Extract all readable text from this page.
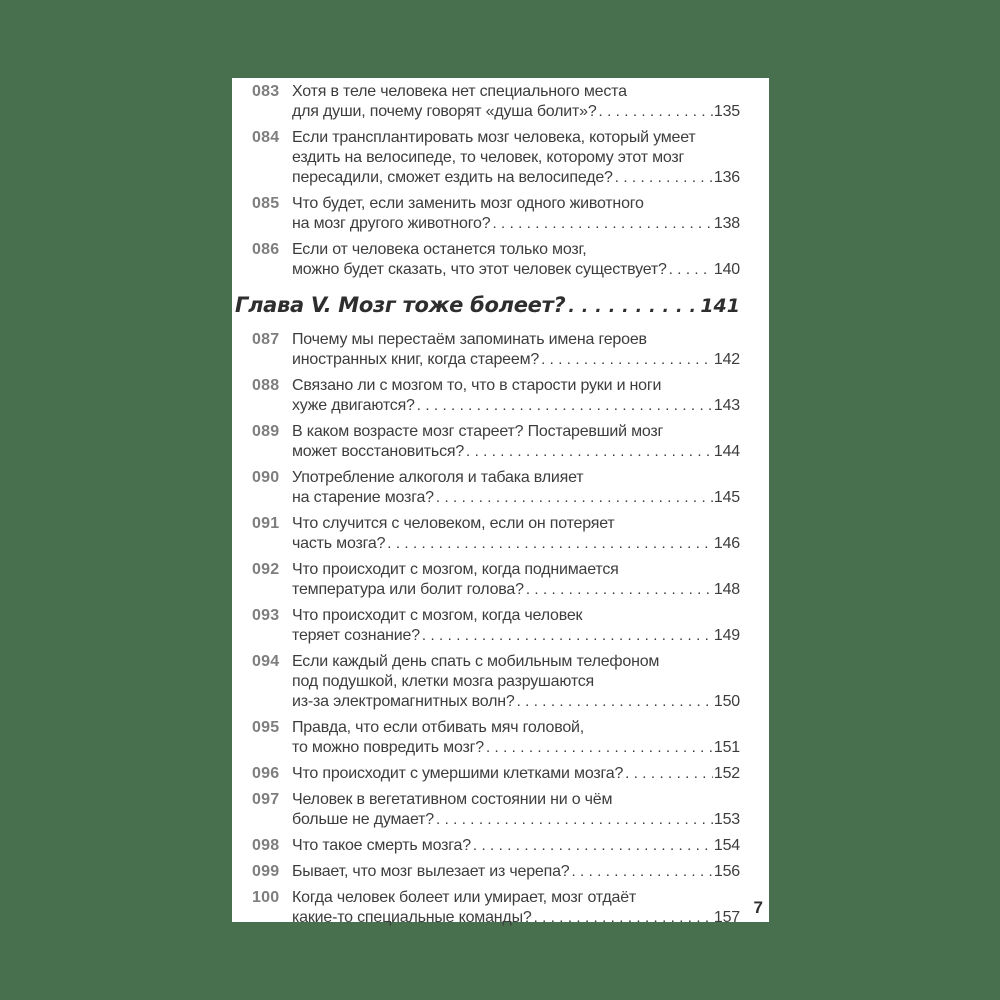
083 Хотя в теле человека нет специального места
для души, почему говорят «душа болит»? .....	135
084 Если трансплантировать мозг человека, который умеет
ездить на велосипеде, то человек, которому этот мозг
пересадили, сможет ездить на велосипеде? .....	136
085 Что будет, если заменить мозг одного животного
на мозг другого животного? .....	138
086 Если от человека останется только мозг,
можно будет сказать, что этот человек существует? .....	140
Глава V. Мозг тоже болеет? .....	141
087 Почему мы перестаём запоминать имена героев
иностранных книг, когда стареем? .....	142
088 Связано ли с мозгом то, что в старости руки и ноги
хуже двигаются? .....	143
089 В каком возрасте мозг стареет? Постаревший мозг
может восстановиться? .....	144
090 Употребление алкоголя и табака влияет
на старение мозга? .....	145
091 Что случится с человеком, если он потеряет
часть мозга? .....	146
092 Что происходит с мозгом, когда поднимается
температура или болит голова? .....	148
093 Что происходит с мозгом, когда человек
теряет сознание? .....	149
094 Если каждый день спать с мобильным телефоном
под подушкой, клетки мозга разрушаются
из-за электромагнитных волн? .....	150
095 Правда, что если отбивать мяч головой,
то можно повредить мозг? .....	151
096 Что происходит с умершими клетками мозга? .....	152
097 Человек в вегетативном состоянии ни о чём
больше не думает? .....	153
098 Что такое смерть мозга? .....	154
099 Бывает, что мозг вылезает из черепа? .....	156
100 Когда человек болеет или умирает, мозг отдаёт
какие-то специальные команды? .....	157
7
